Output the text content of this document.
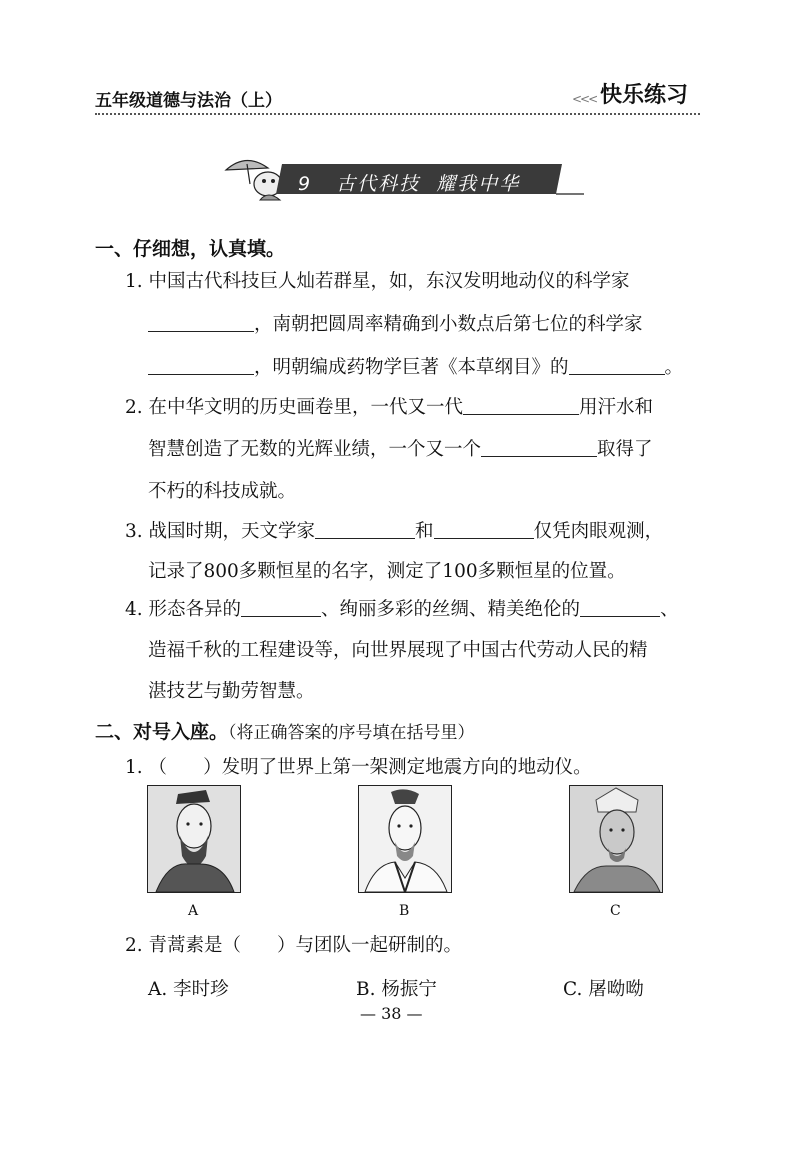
五年级道德与法治（上）	<<< 快乐练习
9 古代科技  耀我中华
一、仔细想，认真填。
1. 中国古代科技巨人灿若群星，如，东汉发明地动仪的科学家
，南朝把圆周率精确到小数点后第七位的科学家
，明朝编成药物学巨著《本草纲目》的	。
2. 在中华文明的历史画卷里，一代又一代	用汗水和
智慧创造了无数的光辉业绩，一个又一个	取得了
不朽的科技成就。
3. 战国时期，天文学家	和	仅凭肉眼观测，
记录了800多颗恒星的名字，测定了100多颗恒星的位置。
4. 形态各异的	、绚丽多彩的丝绸、精美绝伦的	、
造福千秋的工程建设等，向世界展现了中国古代劳动人民的精
湛技艺与勤劳智慧。
二、对号入座。（将正确答案的序号填在括号里）
1. （ ）发明了世界上第一架测定地震方向的地动仪。
A	B	C
2. 青蒿素是（ ）与团队一起研制的。
A. 李时珍	B. 杨振宁	C. 屠呦呦
— 38 —
